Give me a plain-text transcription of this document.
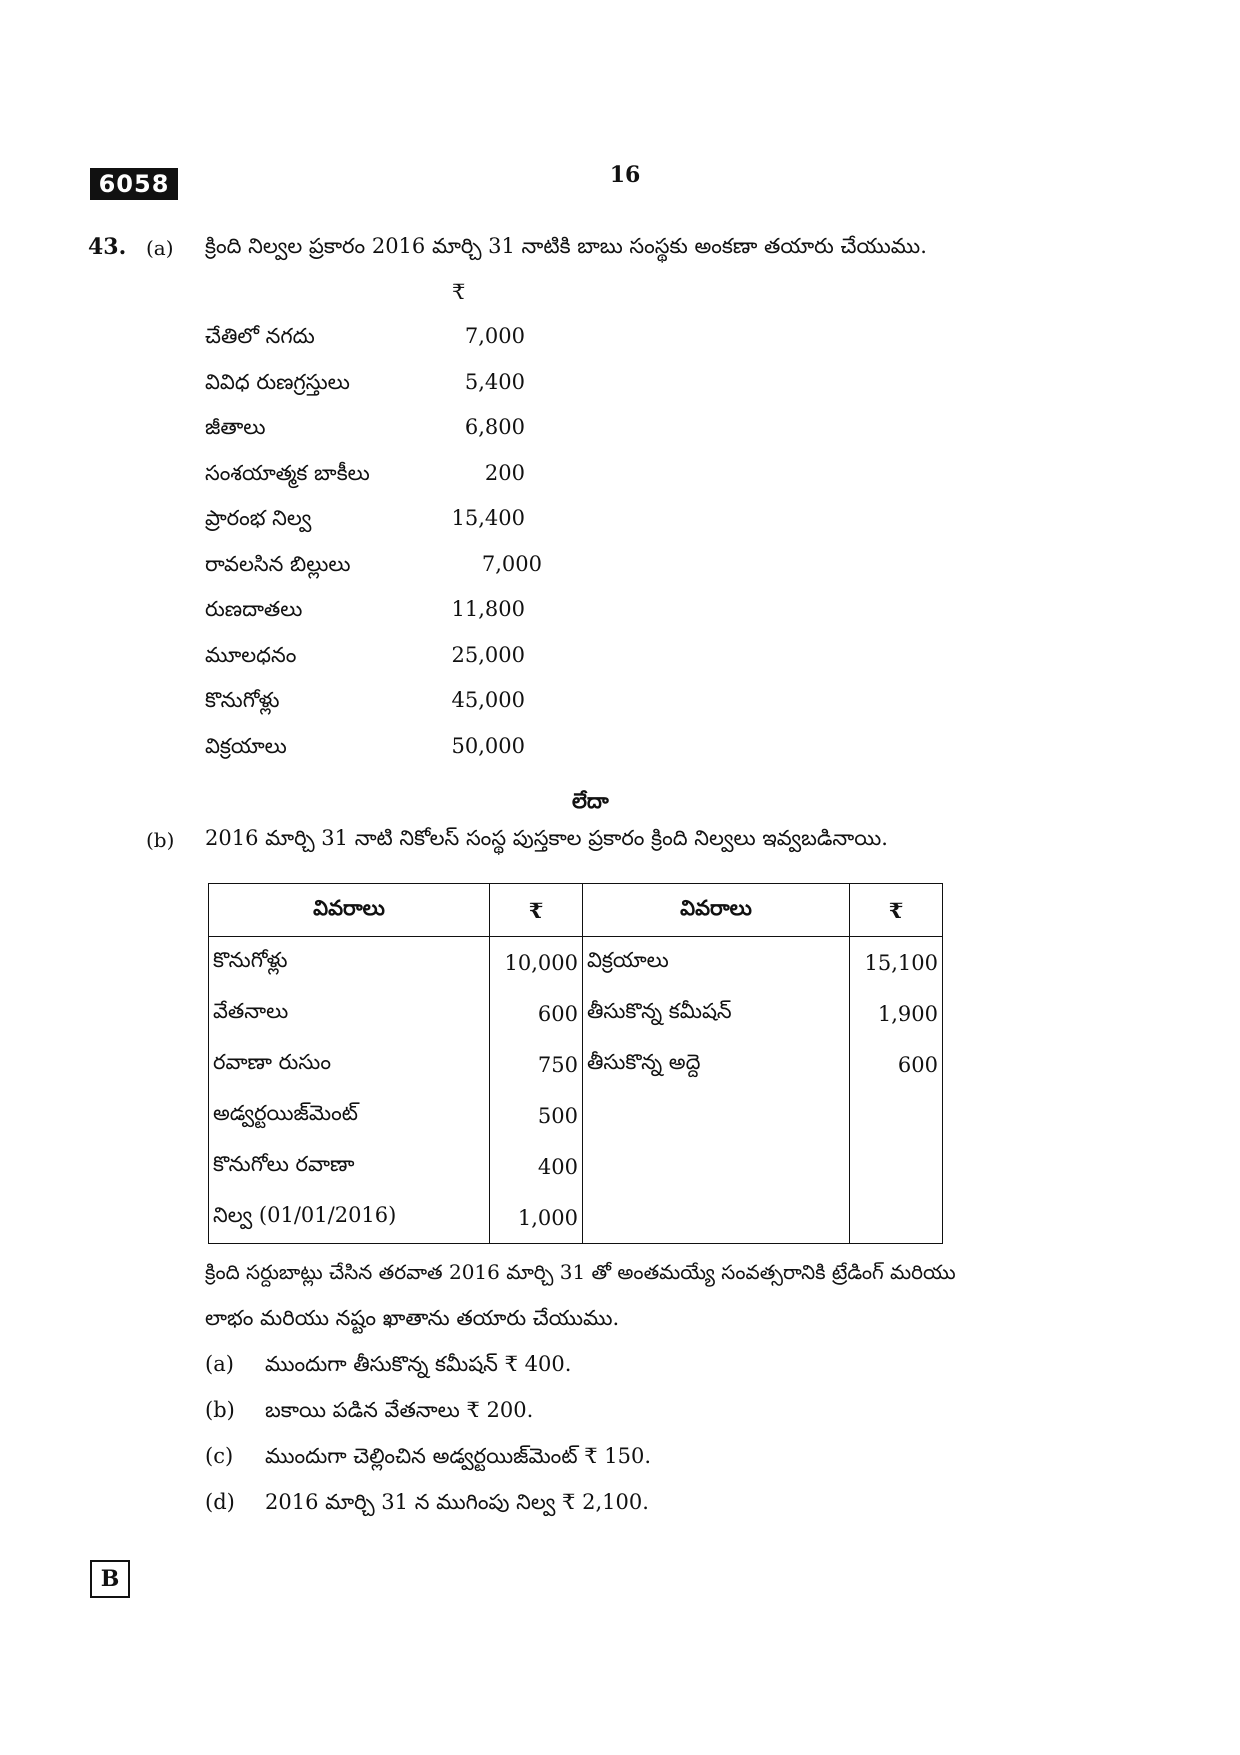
6058	16
43. (a) క్రింది నిల్వల ప్రకారం 2016 మార్చి 31 నాటికి బాబు సంస్థకు అంకణా తయారు చేయుము.
₹
చేతిలో నగదు	7,000
వివిధ రుణగ్రస్తులు	5,400
జీతాలు	6,800
సంశయాత్మక బాకీలు	200
ప్రారంభ నిల్వ	15,400
రావలసిన బిల్లులు	7,000
రుణదాతలు	11,800
మూలధనం	25,000
కొనుగోళ్లు	45,000
విక్రయాలు	50,000
లేదా
(b) 2016 మార్చి 31 నాటి నికోలస్ సంస్థ పుస్తకాల ప్రకారం క్రింది నిల్వలు ఇవ్వబడినాయి.
వివరాలు	₹	వివరాలు	₹
కొనుగోళ్లు	10,000	విక్రయాలు	15,100
వేతనాలు	600	తీసుకొన్న కమీషన్	1,900
రవాణా రుసుం	750	తీసుకొన్న అద్దె	600
అడ్వర్టయిజ్‌మెంట్	500		
కొనుగోలు రవాణా	400		
నిల్వ (01/01/2016)	1,000		
క్రింది సర్దుబాట్లు చేసిన తరవాత 2016 మార్చి 31 తో అంతమయ్యే సంవత్సరానికి ట్రేడింగ్ మరియు
లాభం మరియు నష్టం ఖాతాను తయారు చేయుము.
(a) ముందుగా తీసుకొన్న కమీషన్ ₹ 400.
(b) బకాయి పడిన వేతనాలు ₹ 200.
(c) ముందుగా చెల్లించిన అడ్వర్టయిజ్‌మెంట్ ₹ 150.
(d) 2016 మార్చి 31 న ముగింపు నిల్వ ₹ 2,100.
B
